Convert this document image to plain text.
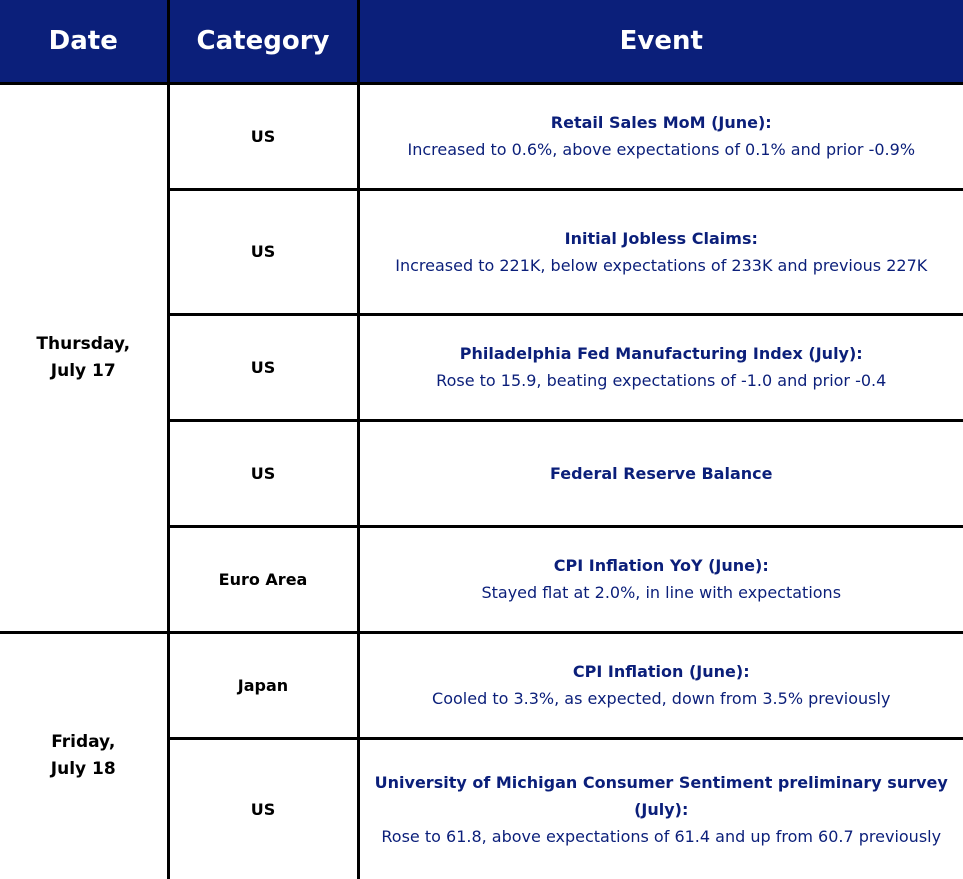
Date	Category	Event

Thursday,
July 17	US	Retail Sales MoM (June):
Increased to 0.6%, above expectations of 0.1% and prior -0.9%

	US	Initial Jobless Claims:
Increased to 221K, below expectations of 233K and previous 227K

	US	Philadelphia Fed Manufacturing Index (July):
Rose to 15.9, beating expectations of -1.0 and prior -0.4

	US	Federal Reserve Balance

	Euro Area	CPI Inflation YoY (June):
Stayed flat at 2.0%, in line with expectations

Friday,
July 18	Japan	CPI Inflation (June):
Cooled to 3.3%, as expected, down from 3.5% previously

	US	University of Michigan Consumer Sentiment preliminary survey (July):
Rose to 61.8, above expectations of 61.4 and up from 60.7 previously
